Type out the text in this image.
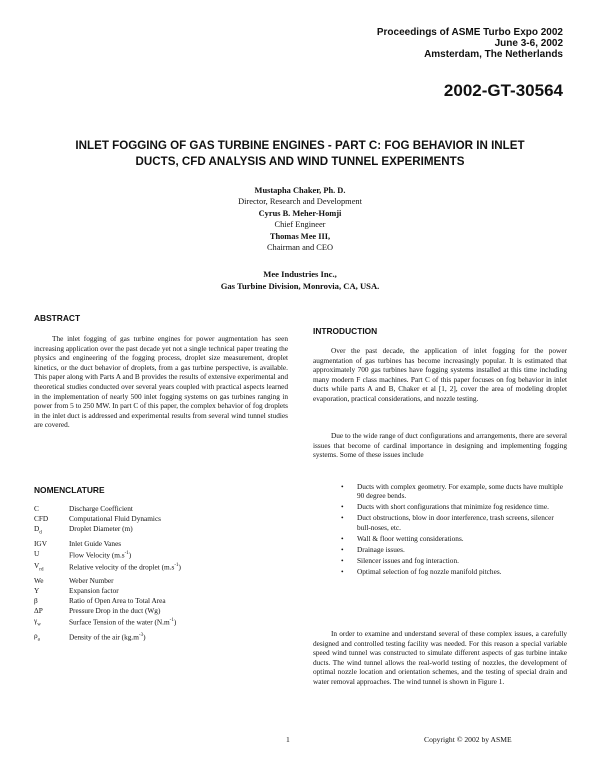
Proceedings of ASME Turbo Expo 2002
June 3-6, 2002
Amsterdam, The Netherlands
2002-GT-30564
INLET FOGGING OF GAS TURBINE ENGINES - PART C: FOG BEHAVIOR IN INLET
DUCTS, CFD ANALYSIS AND WIND TUNNEL EXPERIMENTS
Mustapha Chaker, Ph. D.
Director, Research and Development
Cyrus B. Meher-Homji
Chief Engineer
Thomas Mee III,
Chairman and CEO
Mee Industries Inc.,
Gas Turbine Division, Monrovia, CA, USA.
ABSTRACT

The inlet fogging of gas turbine engines for power augmentation has seen increasing application over the past decade yet not a single technical paper treating the physics and engineering of the fogging process, droplet size measurement, droplet kinetics, or the duct behavior of droplets, from a gas turbine perspective, is available. This paper along with Parts A and B provides the results of extensive experimental and theoretical studies conducted over several years coupled with practical aspects learned in the implementation of nearly 500 inlet fogging systems on gas turbines ranging in power from 5 to 250 MW. In part C of this paper, the complex behavior of fog droplets in the inlet duct is addressed and experimental results from several wind tunnel studies are covered.

NOMENCLATURE
C	Discharge Coefficient
CFD	Computational Fluid Dynamics
$D_d$	Droplet Diameter (m)
IGV	Inlet Guide Vanes
U	Flow Velocity $(m.s^{-1})$
$V_{rd}$	Relative velocity of the droplet $(m.s^{-1})$
We	Weber Number
Y	Expansion factor
β	Ratio of Open Area to Total Area
ΔP	Pressure Drop in the duct (Wg)
$\gamma_w$	Surface Tension of the water $(N.m^{-1})$
$\rho_a$	Density of the air $(kg.m^{-3})$
INTRODUCTION

Over the past decade, the application of inlet fogging for the power augmentation of gas turbines has become increasingly popular. It is estimated that approximately 700 gas turbines have fogging systems installed at this time including many modern F class machines. Part C of this paper focuses on fog behavior in inlet ducts while parts A and B, Chaker et al [1, 2], cover the area of modeling droplet evaporation, practical considerations, and nozzle testing.

Due to the wide range of duct configurations and arrangements, there are several issues that become of cardinal importance in designing and implementing fogging systems. Some of these issues include

• Ducts with complex geometry. For example, some ducts have multiple 90 degree bends.
• Ducts with short configurations that minimize fog residence time.
• Duct obstructions, blow in door interference, trash screens, silencer bull-noses, etc.
• Wall & floor wetting considerations.
• Drainage issues.
• Silencer issues and fog interaction.
• Optimal selection of fog nozzle manifold pitches.

In order to examine and understand several of these complex issues, a carefully designed and controlled testing facility was needed. For this reason a special variable speed wind tunnel was constructed to simulate different aspects of gas turbine intake ducts. The wind tunnel allows the real-world testing of nozzles, the development of optimal nozzle location and orientation schemes, and the testing of special drain and water removal approaches. The wind tunnel is shown in Figure 1.

1	Copyright © 2002 by ASME
